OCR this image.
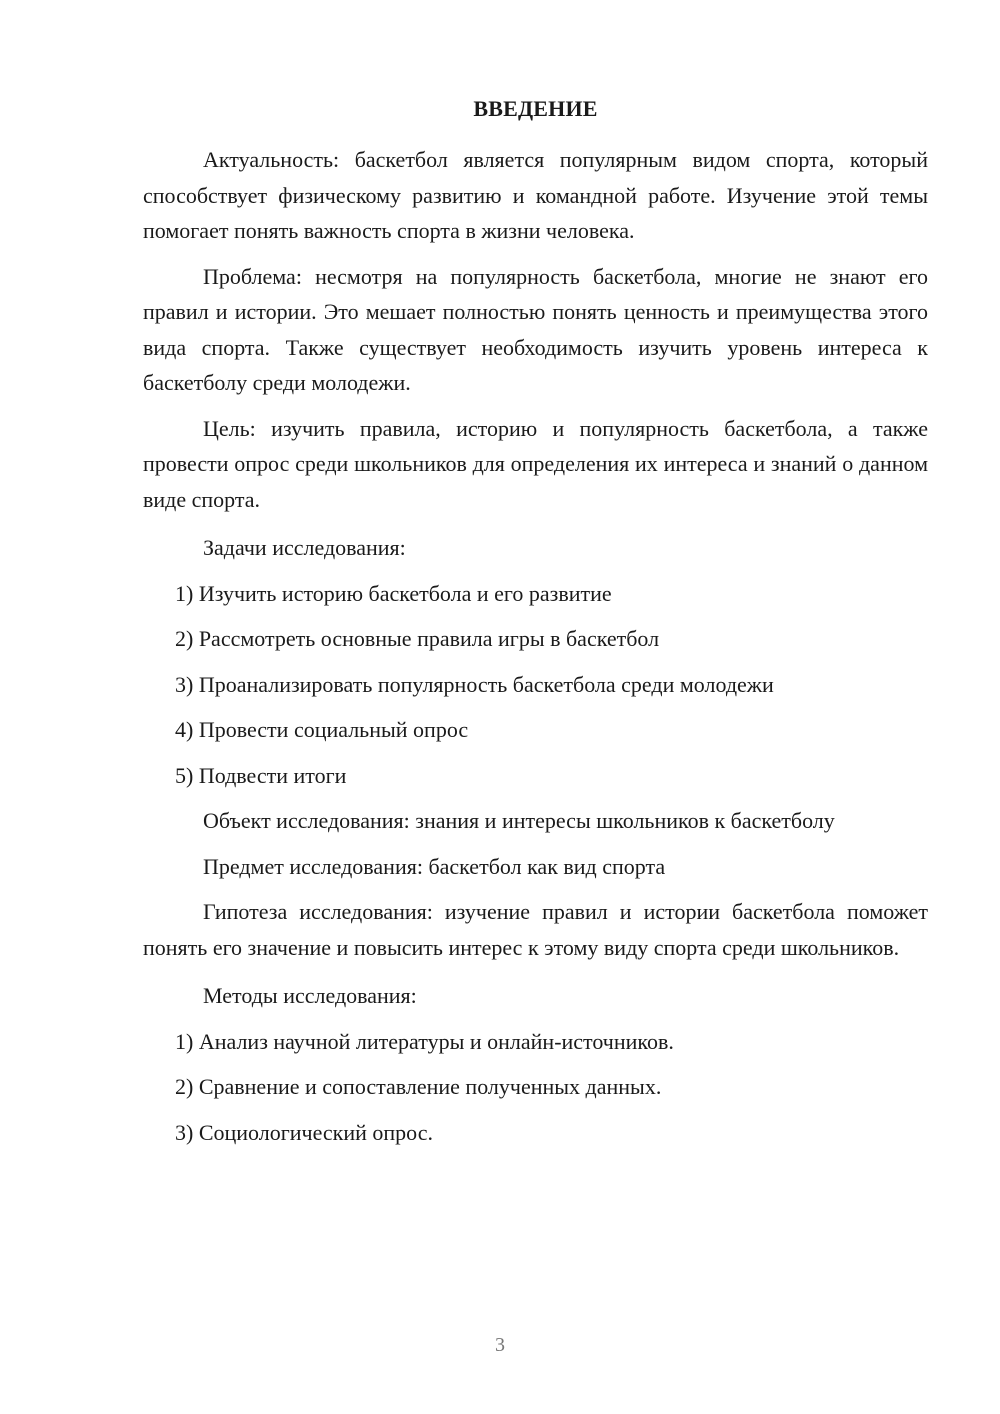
ВВЕДЕНИЕ

Актуальность: баскетбол является популярным видом спорта, который способствует физическому развитию и командной работе. Изучение этой темы помогает понять важность спорта в жизни человека.

Проблема: несмотря на популярность баскетбола, многие не знают его правил и истории. Это мешает полностью понять ценность и преимущества этого вида спорта. Также существует необходимость изучить уровень интереса к баскетболу среди молодежи.

Цель: изучить правила, историю и популярность баскетбола, а также провести опрос среди школьников для определения их интереса и знаний о данном виде спорта.

Задачи исследования:

1) Изучить историю баскетбола и его развитие

2) Рассмотреть основные правила игры в баскетбол

3) Проанализировать популярность баскетбола среди молодежи

4) Провести социальный опрос

5) Подвести итоги

Объект исследования: знания и интересы школьников к баскетболу

Предмет исследования: баскетбол как вид спорта

Гипотеза исследования: изучение правил и истории баскетбола поможет понять его значение и повысить интерес к этому виду спорта среди школьников.

Методы исследования:

1) Анализ научной литературы и онлайн-источников.

2) Сравнение и сопоставление полученных данных.

3) Социологический опрос.

3
